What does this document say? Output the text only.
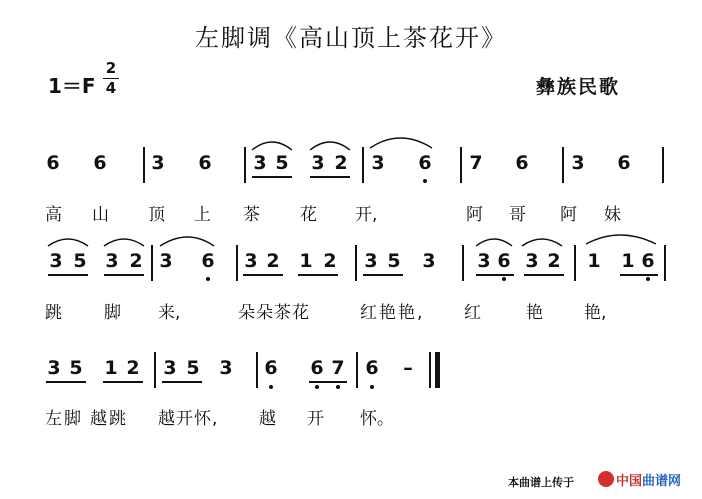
左脚调《高山顶上茶花开》
1＝F
2
4	彝族民歌
6 6 3 6 3 5 3 2 3 6 7 6 3 6
高 山 顶 上 茶 花 开,	阿 哥 阿 妹
3 5 3 2 3 6 3 2 1 2 3 5 3 3 6 3 2 1 1 6
跳 脚 来,	朵朵茶花	红艳艳, 红	艳 艳,
3 5 1 2 3 5 3 6 6 7 6 –
左脚 越跳 越开怀, 越 开 怀。
本曲谱上传于	中国曲谱网
